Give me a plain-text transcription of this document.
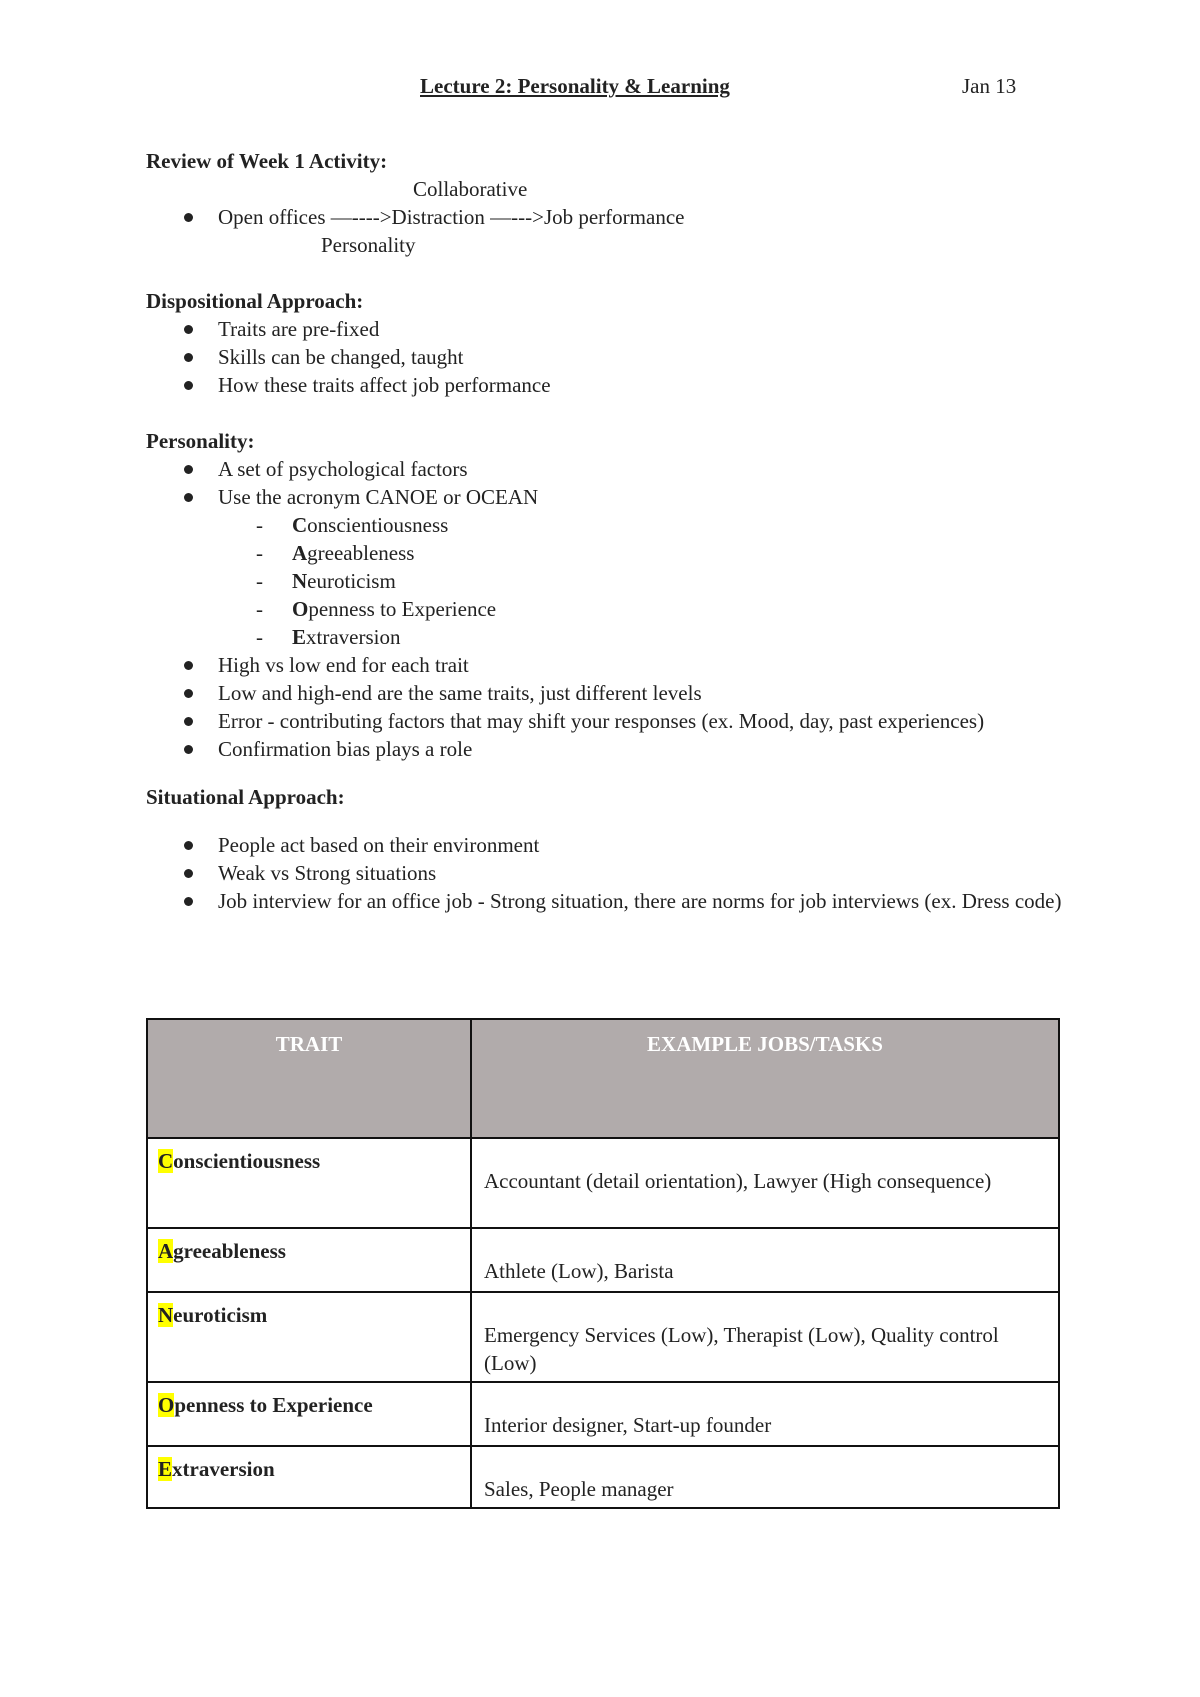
Lecture 2: Personality & Learning	Jan 13
Review of Week 1 Activity:
Collaborative
Open offices —---->Distraction —--->Job performance
Personality
Dispositional Approach:
Traits are pre-fixed
Skills can be changed, taught
How these traits affect job performance
Personality:
A set of psychological factors
Use the acronym CANOE or OCEAN
- Conscientiousness
- Agreeableness
- Neuroticism
- Openness to Experience
- Extraversion
High vs low end for each trait
Low and high-end are the same traits, just different levels
Error - contributing factors that may shift your responses (ex. Mood, day, past experiences)
Confirmation bias plays a role
Situational Approach:
People act based on their environment
Weak vs Strong situations
Job interview for an office job - Strong situation, there are norms for job interviews (ex. Dress code)
TRAIT	EXAMPLE JOBS/TASKS
Conscientiousness	Accountant (detail orientation), Lawyer (High consequence)
Agreeableness	Athlete (Low), Barista
Neuroticism	Emergency Services (Low), Therapist (Low), Quality control (Low)
Openness to Experience	Interior designer, Start-up founder
Extraversion	Sales, People manager
